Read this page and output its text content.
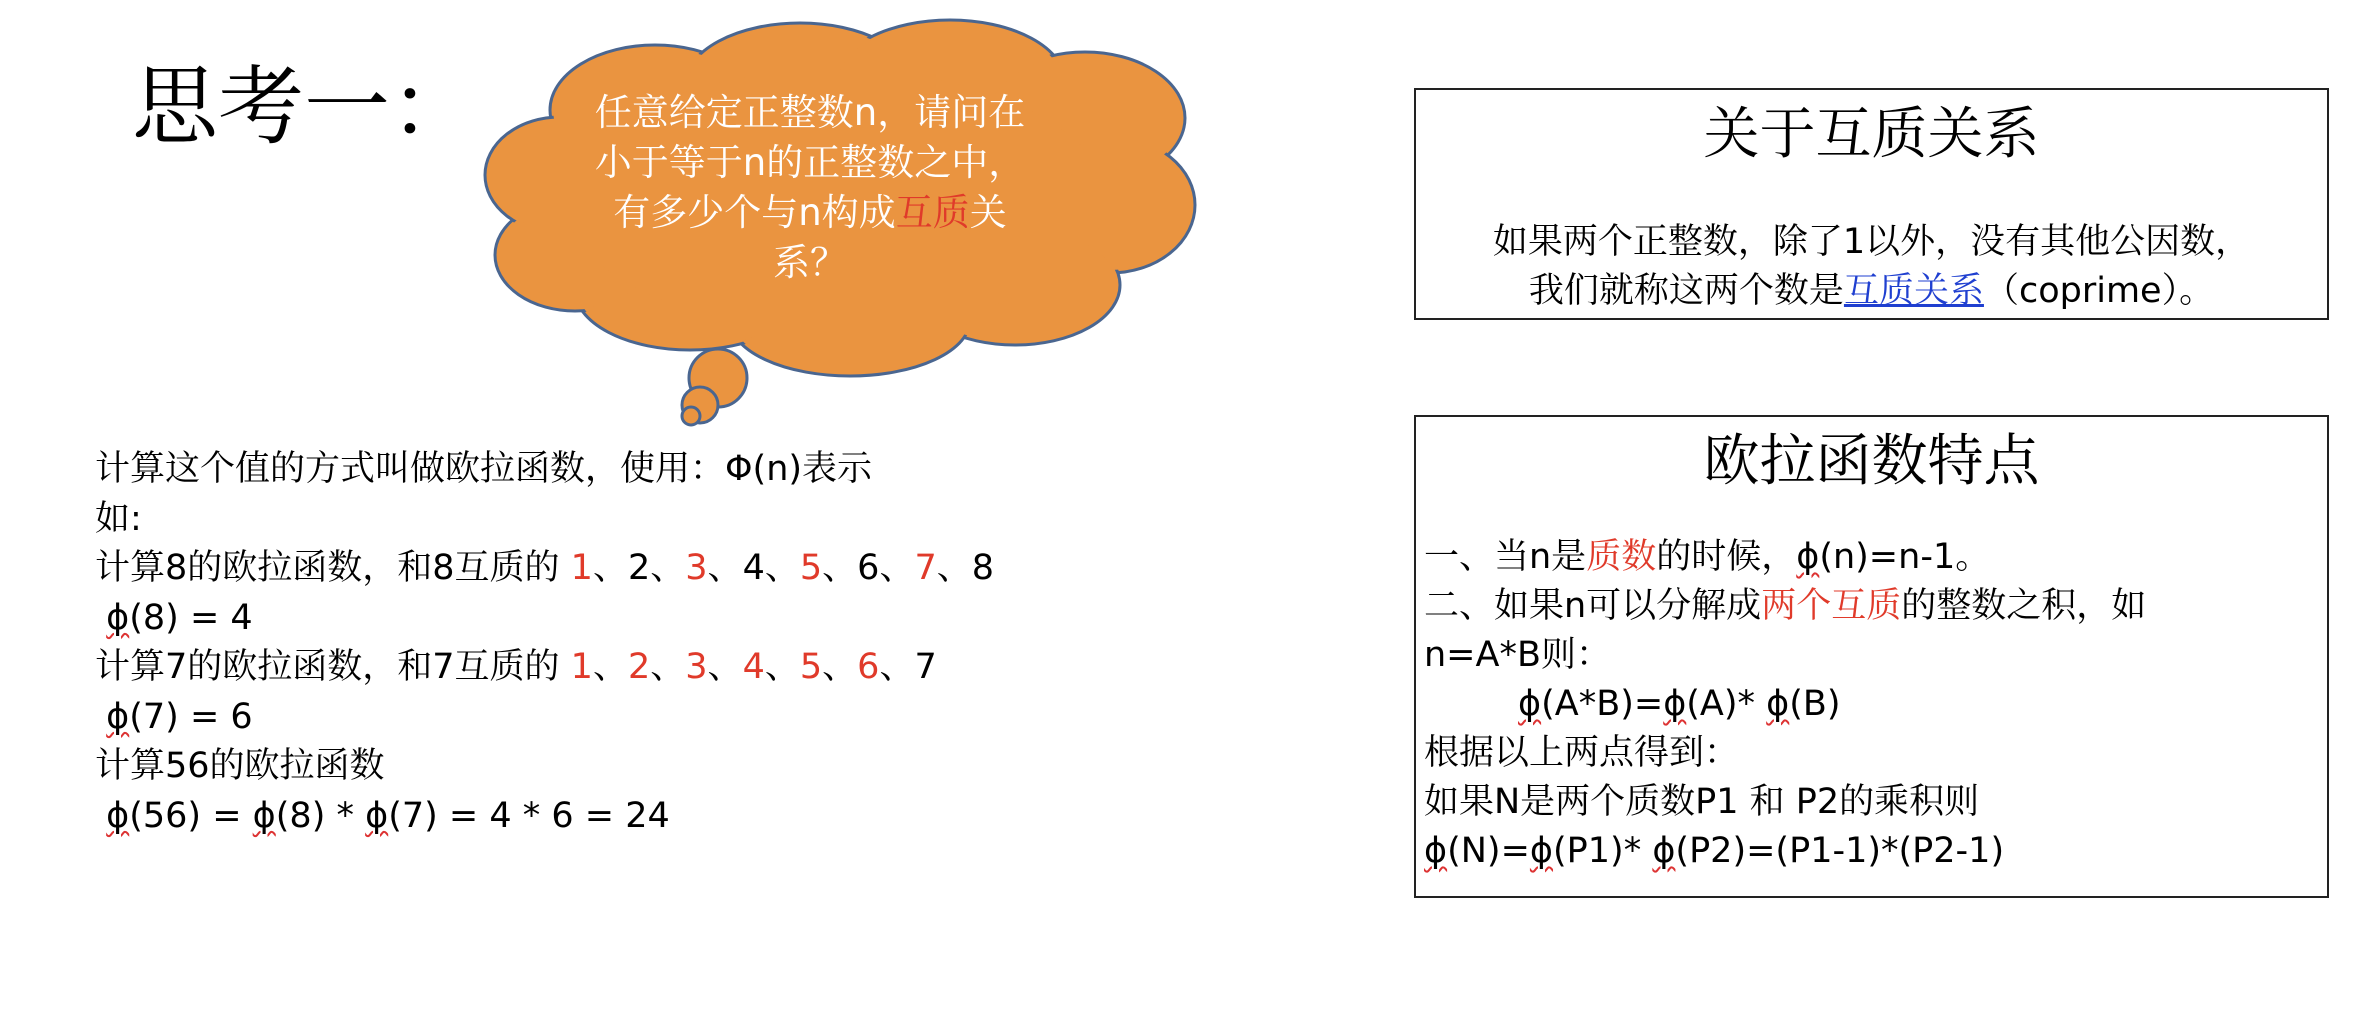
思考一：	任意给定正整数n，请问在小于等于n的正整数之中，有多少个与n构成互质关系？
计算这个值的方式叫做欧拉函数，使用：Φ(n)表示
如:
计算8的欧拉函数，和8互质的 1、2、3、4、5、6、7、8
ϕ(8) = 4
计算7的欧拉函数，和7互质的 1、2、3、4、5、6、7
ϕ(7) = 6
计算56的欧拉函数
ϕ(56) = ϕ(8) * ϕ(7) = 4 * 6 = 24
关于互质关系
如果两个正整数，除了1以外，没有其他公因数，
我们就称这两个数是互质关系（coprime）。
欧拉函数特点
一、当n是质数的时候，ϕ(n)=n-1。
二、如果n可以分解成两个互质的整数之积，如
n=A*B则：
ϕ(A*B)=ϕ(A)* ϕ(B)
根据以上两点得到：
如果N是两个质数P1 和 P2的乘积则
ϕ(N)=ϕ(P1)* ϕ(P2)=(P1-1)*(P2-1)
